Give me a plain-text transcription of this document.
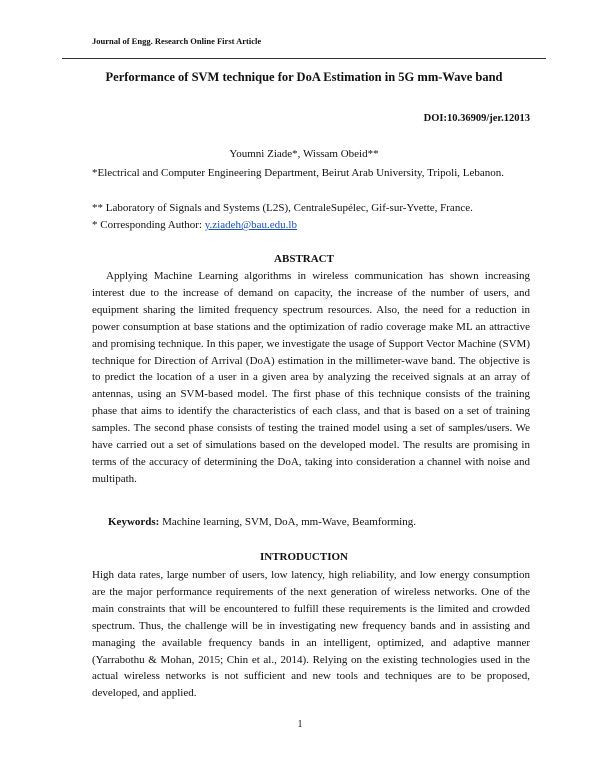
Journal of Engg. Research Online First Article
Performance of SVM technique for DoA Estimation in 5G mm-Wave band
DOI:10.36909/jer.12013
Youmni Ziade*, Wissam Obeid**
*Electrical and Computer Engineering Department, Beirut Arab University, Tripoli, Lebanon.
** Laboratory of Signals and Systems (L2S), CentraleSupélec, Gif-sur-Yvette, France.
* Corresponding Author: y.ziadeh@bau.edu.lb
ABSTRACT
Applying Machine Learning algorithms in wireless communication has shown increasing interest due to the increase of demand on capacity, the increase of the number of users, and equipment sharing the limited frequency spectrum resources. Also, the need for a reduction in power consumption at base stations and the optimization of radio coverage make ML an attractive and promising technique. In this paper, we investigate the usage of Support Vector Machine (SVM) technique for Direction of Arrival (DoA) estimation in the millimeter-wave band. The objective is to predict the location of a user in a given area by analyzing the received signals at an array of antennas, using an SVM-based model. The first phase of this technique consists of the training phase that aims to identify the characteristics of each class, and that is based on a set of training samples. The second phase consists of testing the trained model using a set of samples/users. We have carried out a set of simulations based on the developed model. The results are promising in terms of the accuracy of determining the DoA, taking into consideration a channel with noise and multipath.
Keywords: Machine learning, SVM, DoA, mm-Wave, Beamforming.
INTRODUCTION
High data rates, large number of users, low latency, high reliability, and low energy consumption are the major performance requirements of the next generation of wireless networks. One of the main constraints that will be encountered to fulfill these requirements is the limited and crowded spectrum. Thus, the challenge will be in investigating new frequency bands and in assisting and managing the available frequency bands in an intelligent, optimized, and adaptive manner (Yarrabothu & Mohan, 2015; Chin et al., 2014). Relying on the existing technologies used in the actual wireless networks is not sufficient and new tools and techniques are to be proposed, developed, and applied.
1
